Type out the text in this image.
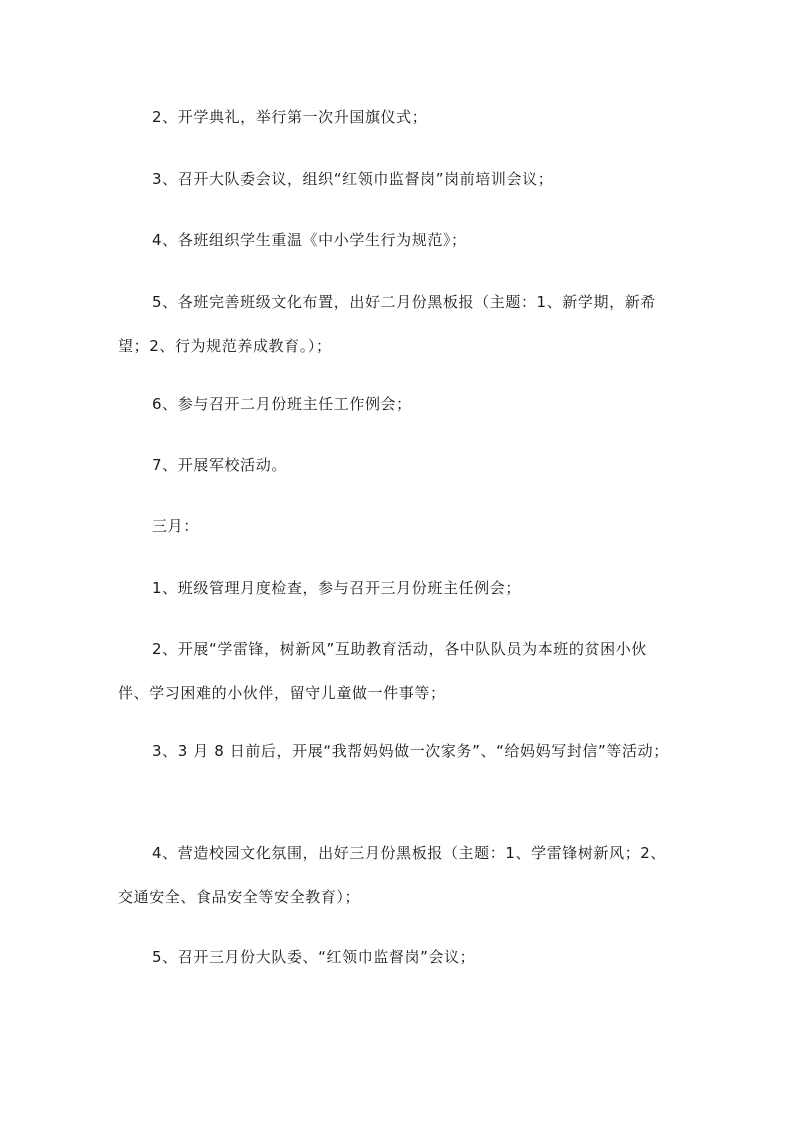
2、开学典礼，举行第一次升国旗仪式；

3、召开大队委会议，组织“红领巾监督岗”岗前培训会议；

4、各班组织学生重温《中小学生行为规范》；

5、各班完善班级文化布置，出好二月份黑板报（主题：1、新学期，新希望；2、行为规范养成教育。）；

6、参与召开二月份班主任工作例会；

7、开展军校活动。

三月：

1、班级管理月度检查，参与召开三月份班主任例会；

2、开展“学雷锋，树新风”互助教育活动，各中队队员为本班的贫困小伙伴、学习困难的小伙伴，留守儿童做一件事等；

3、3 月 8 日前后，开展“我帮妈妈做一次家务”、“给妈妈写封信”等活动；

4、营造校园文化氛围，出好三月份黑板报（主题：1、学雷锋树新风；2、交通安全、食品安全等安全教育）；

5、召开三月份大队委、“红领巾监督岗”会议；
